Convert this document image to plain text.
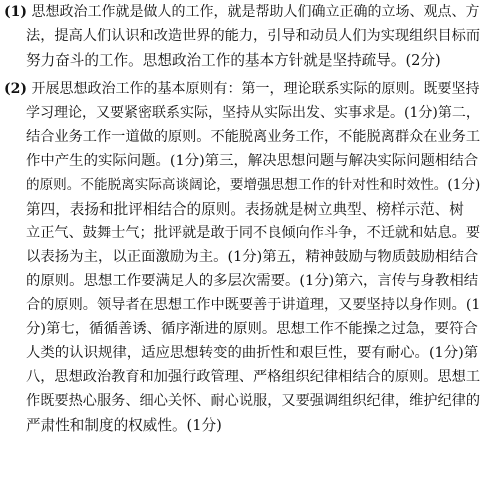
(1) 思想政治工作就是做人的工作，就是帮助人们确立正确的立场、观点、方
法，提高人们认识和改造世界的能力，引导和动员人们为实现组织目标而
努力奋斗的工作。思想政治工作的基本方针就是坚持疏导。(2分)
(2) 开展思想政治工作的基本原则有：第一，理论联系实际的原则。既要坚持
学习理论，又要紧密联系实际，坚持从实际出发、实事求是。(1分)第二，
结合业务工作一道做的原则。不能脱离业务工作，不能脱离群众在业务工
作中产生的实际问题。(1分)第三，解决思想问题与解决实际问题相结合
的原则。不能脱离实际高谈阔论，要增强思想工作的针对性和时效性。(1分)
第四，表扬和批评相结合的原则。表扬就是树立典型、榜样示范、树
立正气、鼓舞士气；批评就是敢于同不良倾向作斗争，不迁就和姑息。要
以表扬为主，以正面激励为主。(1分)第五，精神鼓励与物质鼓励相结合
的原则。思想工作要满足人的多层次需要。(1分)第六，言传与身教相结
合的原则。领导者在思想工作中既要善于讲道理，又要坚持以身作则。(1
分)第七，循循善诱、循序渐进的原则。思想工作不能操之过急，要符合
人类的认识规律，适应思想转变的曲折性和艰巨性，要有耐心。(1分)第
八，思想政治教育和加强行政管理、严格组织纪律相结合的原则。思想工
作既要热心服务、细心关怀、耐心说服，又要强调组织纪律，维护纪律的
严肃性和制度的权威性。(1分)
